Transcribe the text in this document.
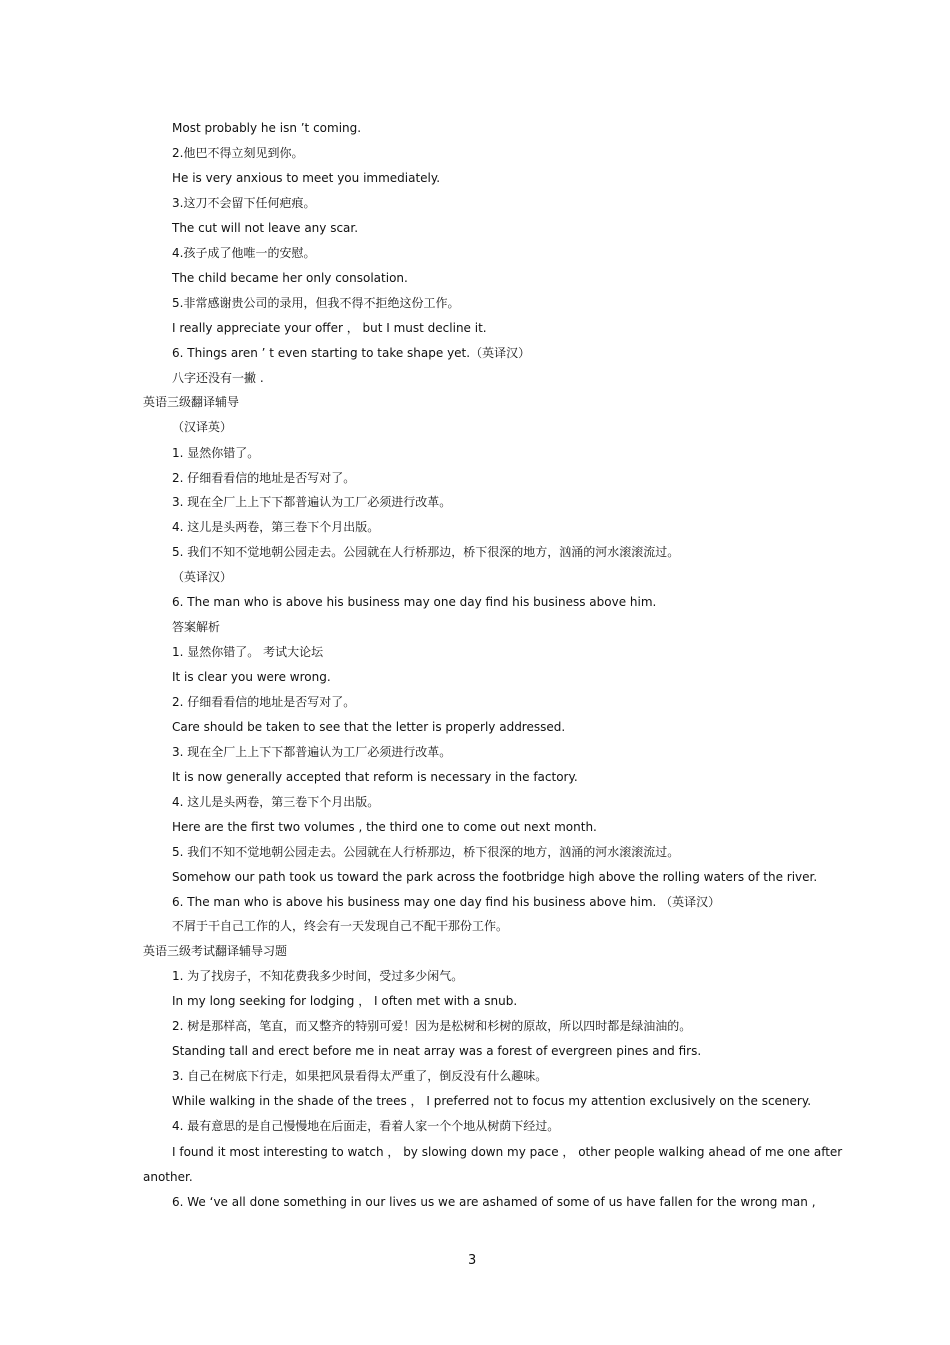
Most probably he isn ’t coming.
2.他巴不得立刻见到你。
He is very anxious to meet you immediately.
3.这刀不会留下任何疤痕。
The cut will not leave any scar.
4.孩子成了他唯一的安慰。
The child became her only consolation.
5.非常感谢贵公司的录用，但我不得不拒绝这份工作。
I really appreciate your offer ， but I must decline it.
6. Things aren ’ t even starting to take shape yet.（英译汉）
八字还没有一撇 .
英语三级翻译辅导
（汉译英）
1. 显然你错了。
2. 仔细看看信的地址是否写对了。
3. 现在全厂上上下下都普遍认为工厂必须进行改革。
4. 这儿是头两卷，第三卷下个月出版。
5. 我们不知不觉地朝公园走去。公园就在人行桥那边，桥下很深的地方，汹涌的河水滚滚流过。
（英译汉）
6. The man who is above his business may one day find his business above him.
答案解析
1. 显然你错了。 考试大论坛
It is clear you were wrong.
2. 仔细看看信的地址是否写对了。
Care should be taken to see that the letter is properly addressed.
3. 现在全厂上上下下都普遍认为工厂必须进行改革。
It is now generally accepted that reform is necessary in the factory.
4. 这儿是头两卷，第三卷下个月出版。
Here are the first two volumes , the third one to come out next month.
5. 我们不知不觉地朝公园走去。公园就在人行桥那边，桥下很深的地方，汹涌的河水滚滚流过。
Somehow our path took us toward the park across the footbridge high above the rolling waters of the river.
6. The man who is above his business may one day find his business above him. （英译汉）
不屑于干自己工作的人，终会有一天发现自己不配干那份工作。
英语三级考试翻译辅导习题
1. 为了找房子，不知花费我多少时间，受过多少闲气。
In my long seeking for lodging ， I often met with a snub.
2. 树是那样高，笔直，而又整齐的特别可爱！因为是松树和杉树的原故，所以四时都是绿油油的。
Standing tall and erect before me in neat array was a forest of evergreen pines and firs.
3. 自己在树底下行走，如果把风景看得太严重了，倒反没有什么趣味。
While walking in the shade of the trees ， I preferred not to focus my attention exclusively on the scenery.
4. 最有意思的是自己慢慢地在后面走，看着人家一个个地从树荫下经过。
I found it most interesting to watch ， by slowing down my pace ， other people walking ahead of me one after
another.
6. We ‘ve all done something in our lives us we are ashamed of some of us have fallen for the wrong man ,
3
